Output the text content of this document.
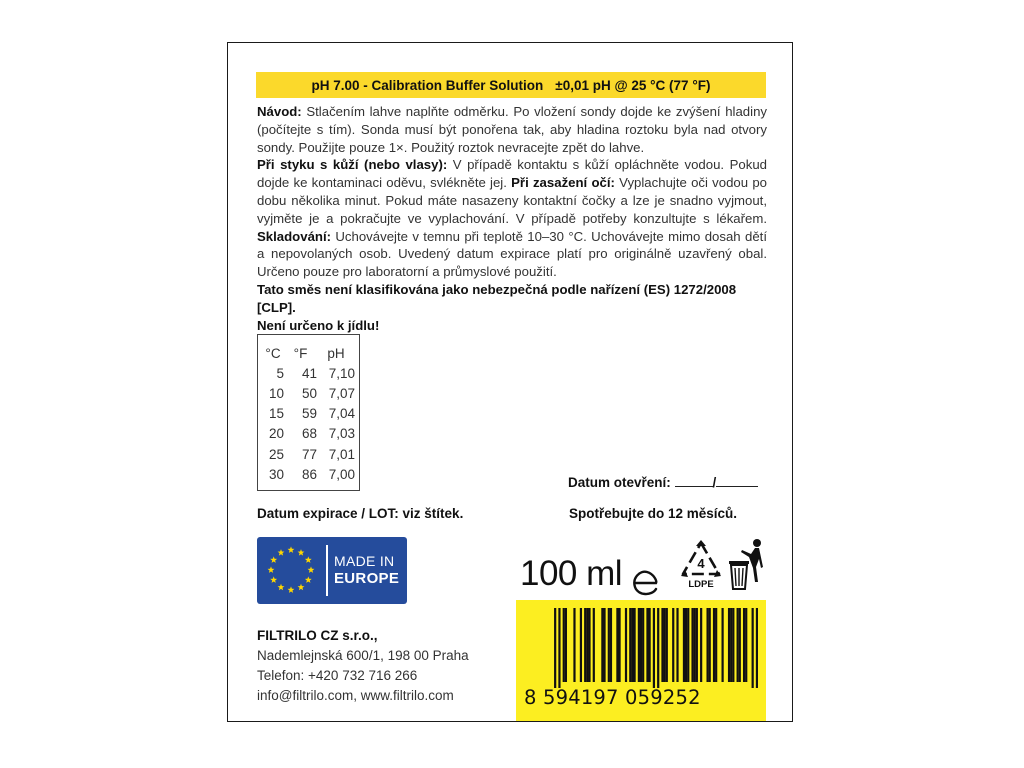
pH 7.00 - Calibration Buffer Solution ±0,01 pH @ 25 °C (77 °F)
Návod: Stlačením lahve naplňte odměrku. Po vložení sondy dojde ke zvýšení hladiny (počítejte s tím). Sonda musí být ponořena tak, aby hladina roztoku byla nad otvory sondy. Použijte pouze 1×. Použitý roztok nevracejte zpět do lahve.
Při styku s kůží (nebo vlasy): V případě kontaktu s kůží opláchněte vodou. Pokud dojde ke kontaminaci oděvu, svlékněte jej. Při zasažení očí: Vyplachujte oči vodou po dobu několika minut. Pokud máte nasazeny kontaktní čočky a lze je snadno vyjmout, vyjměte je a pokračujte ve vyplachování. V případě potřeby konzultujte s lékařem. Skladování: Uchovávejte v temnu při teplotě 10–30 °C. Uchovávejte mimo dosah dětí a nepovolaných osob. Uvedený datum expirace platí pro originálně uzavřený obal. Určeno pouze pro laboratorní a průmyslové použití.
Tato směs není klasifikována jako nebezpečná podle nařízení (ES) 1272/2008 [CLP].
Není určeno k jídlu!
°C	°F	pH
5	41	7,10
10	50	7,07
15	59	7,04
20	68	7,03
25	77	7,01
30	86	7,00
Datum otevření:	/
Spotřebujte do 12 měsíců.
Datum expirace / LOT: viz štítek.
MADE IN
EUROPE
FILTRILO CZ s.r.o.,
Nademlejnská 600/1, 198 00 Praha
Telefon: +420 732 716 266
info@filtrilo.com, www.filtrilo.com
100 ml	4
LDPE
8 594197 059252
